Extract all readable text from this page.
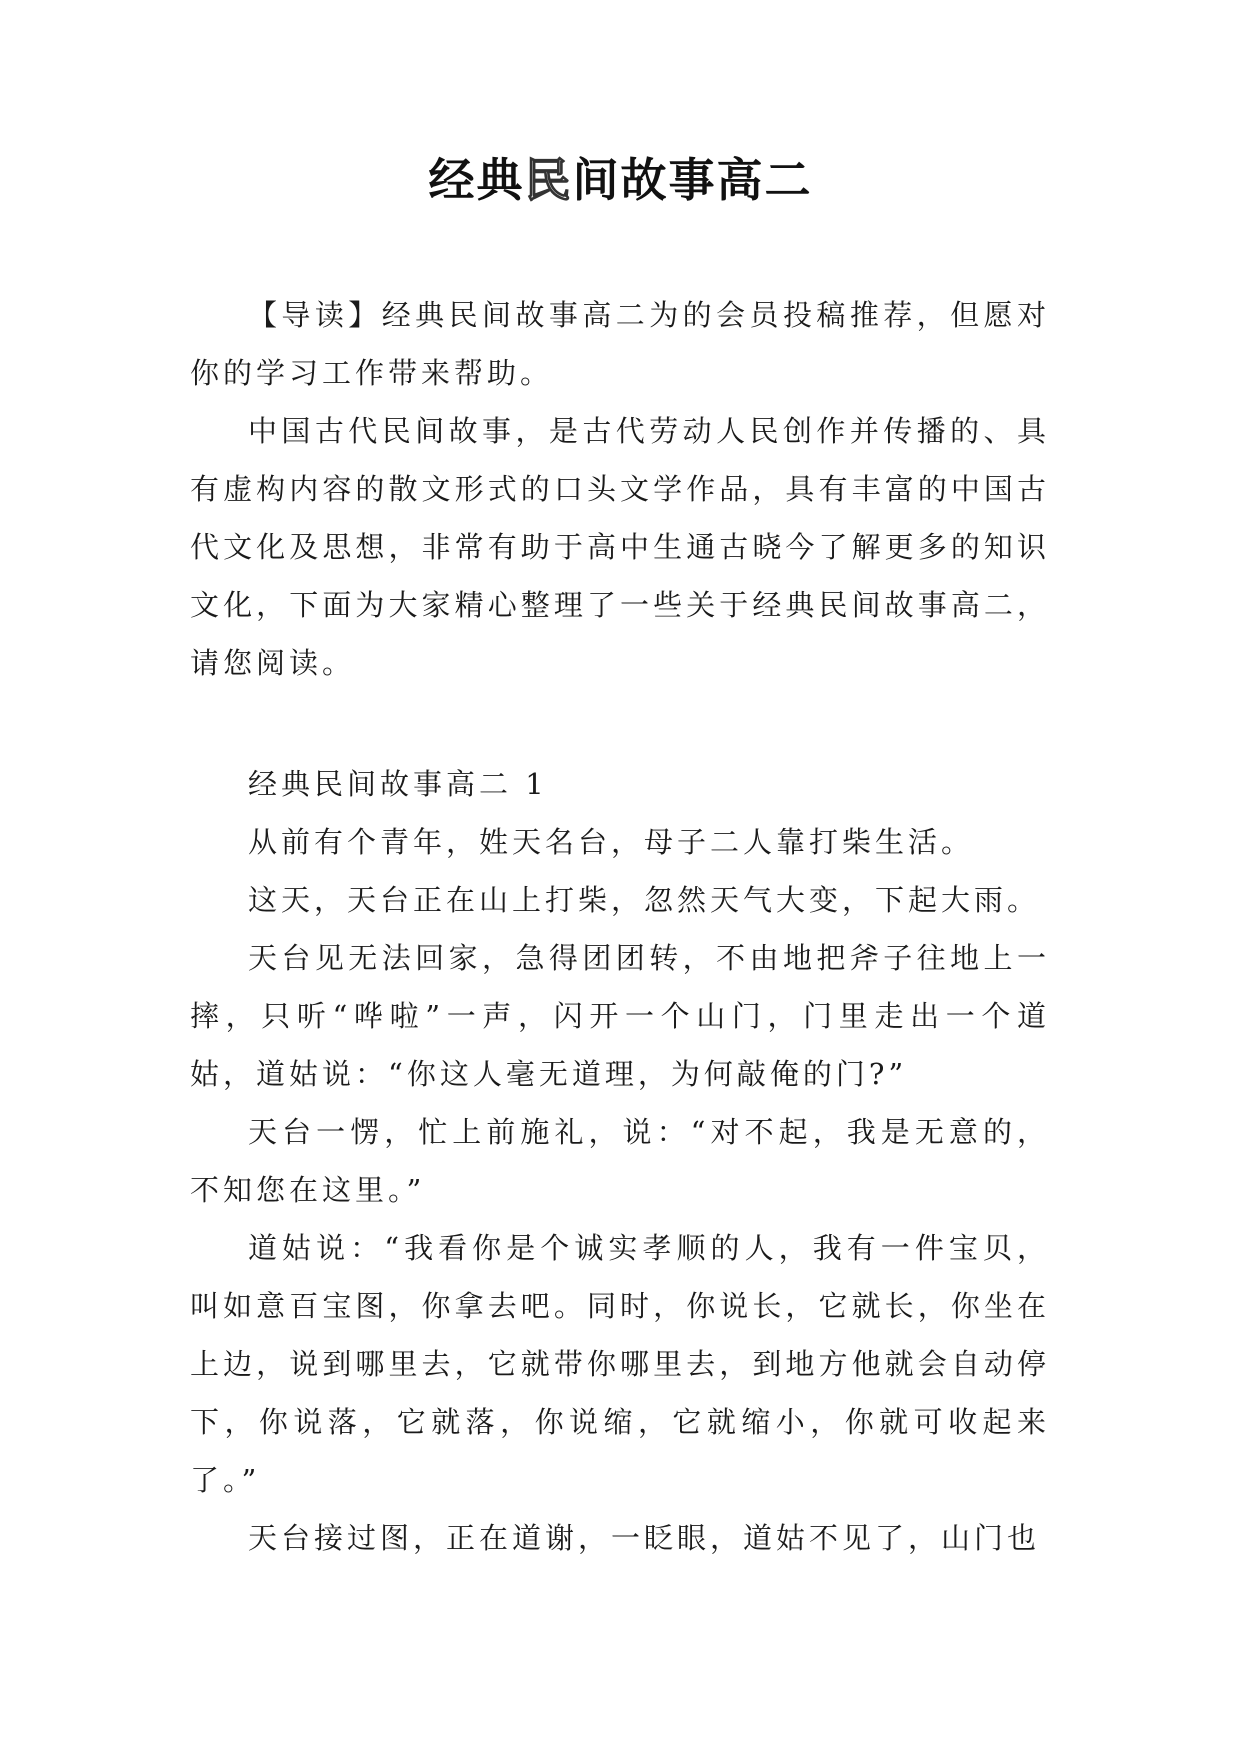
经典民间故事高二

【导读】经典民间故事高二为的会员投稿推荐，但愿对你的学习工作带来帮助。

中国古代民间故事，是古代劳动人民创作并传播的、具有虚构内容的散文形式的口头文学作品，具有丰富的中国古代文化及思想，非常有助于高中生通古晓今了解更多的知识文化，下面为大家精心整理了一些关于经典民间故事高二，请您阅读。

经典民间故事高二 1

从前有个青年，姓天名台，母子二人靠打柴生活。

这天，天台正在山上打柴，忽然天气大变，下起大雨。

天台见无法回家，急得团团转，不由地把斧子往地上一摔，只听“哗啦”一声，闪开一个山门，门里走出一个道姑，道姑说：“你这人毫无道理，为何敲俺的门?”

天台一愣，忙上前施礼，说：“对不起，我是无意的，不知您在这里。”

道姑说：“我看你是个诚实孝顺的人，我有一件宝贝，叫如意百宝图，你拿去吧。同时，你说长，它就长，你坐在上边，说到哪里去，它就带你哪里去，到地方他就会自动停下，你说落，它就落，你说缩，它就缩小，你就可收起来了。”

天台接过图，正在道谢，一眨眼，道姑不见了，山门也
